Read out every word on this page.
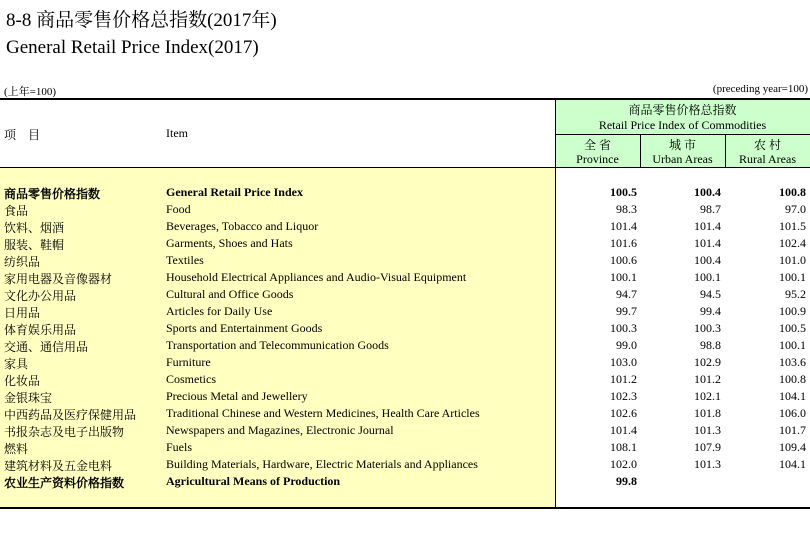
8-8 商品零售价格总指数(2017年)
General Retail Price Index(2017)
(上年=100)	(preceding year=100)
项　目	Item
商品零售价格总指数
Retail Price Index of Commodities
全 省
Province
城 市
Urban Areas
农 村
Rural Areas
商品零售价格指数	General Retail Price Index	100.5	100.4	100.8
食品	Food	98.3	98.7	97.0
饮料、烟酒	Beverages, Tobacco and Liquor	101.4	101.4	101.5
服装、鞋帽	Garments, Shoes and Hats	101.6	101.4	102.4
纺织品	Textiles	100.6	100.4	101.0
家用电器及音像器材	Household Electrical Appliances and Audio-Visual Equipment	100.1	100.1	100.1
文化办公用品	Cultural and Office Goods	94.7	94.5	95.2
日用品	Articles for Daily Use	99.7	99.4	100.9
体育娱乐用品	Sports and Entertainment Goods	100.3	100.3	100.5
交通、通信用品	Transportation and Telecommunication Goods	99.0	98.8	100.1
家具	Furniture	103.0	102.9	103.6
化妆品	Cosmetics	101.2	101.2	100.8
金银珠宝	Precious Metal and Jewellery	102.3	102.1	104.1
中西药品及医疗保健用品 Traditional Chinese and Western Medicines, Health Care Articles	102.6	101.8	106.0
书报杂志及电子出版物	Newspapers and Magazines, Electronic Journal	101.4	101.3	101.7
燃料	Fuels	108.1	107.9	109.4
建筑材料及五金电料	Building Materials, Hardware, Electric Materials and Appliances	102.0	101.3	104.1
农业生产资料价格指数	Agricultural Means of Production	99.8
